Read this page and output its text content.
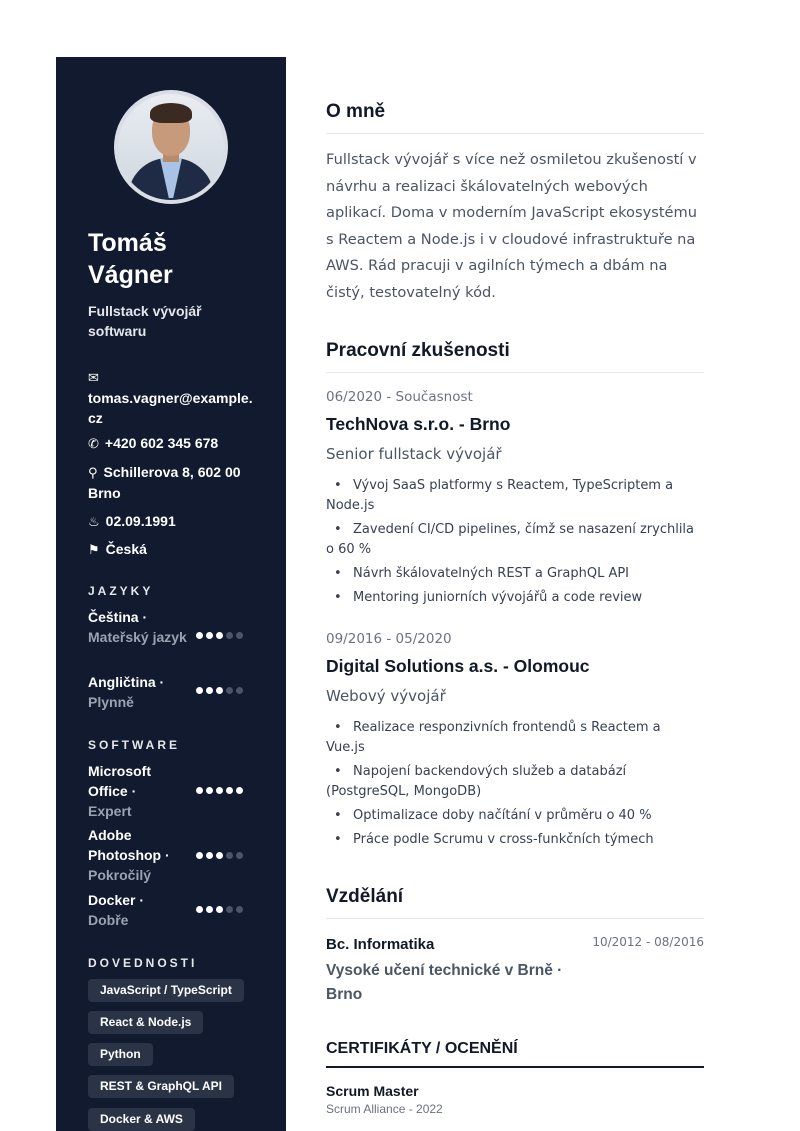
Tomáš Vágner
Fullstack vývojář softwaru
✉
tomas.vagner@example.cz
✆ +420 602 345 678
⚲ Schillerova 8, 602 00 Brno
♨ 02.09.1991
⚑ Česká
JAZYKY
Čeština ·
Mateřský jazyk
Angličtina ·
Plynně
SOFTWARE
Microsoft Office ·
Expert
Adobe Photoshop ·
Pokročilý
Docker ·
Dobře
DOVEDNOSTI
JavaScript / TypeScript
React & Node.js
Python
REST & GraphQL API
Docker & AWS
O mně

Fullstack vývojář s více než osmiletou zkušeností v návrhu a realizaci škálovatelných webových aplikací. Doma v moderním JavaScript ekosystému s Reactem a Node.js i v cloudové infrastruktuře na AWS. Rád pracuji v agilních týmech a dbám na čistý, testovatelný kód.

Pracovní zkušenosti
06/2020 - Současnost
TechNova s.r.o. - Brno
Senior fullstack vývojář
• Vývoj SaaS platformy s Reactem, TypeScriptem a Node.js
• Zavedení CI/CD pipelines, čímž se nasazení zrychlila o 60 %
• Návrh škálovatelných REST a GraphQL API
• Mentoring juniorních vývojářů a code review
09/2016 - 05/2020
Digital Solutions a.s. - Olomouc
Webový vývojář
• Realizace responzivních frontendů s Reactem a Vue.js
• Napojení backendových služeb a databází (PostgreSQL, MongoDB)
• Optimalizace doby načítání v průměru o 40 %
• Práce podle Scrumu v cross-funkčních týmech
Vzdělání
Bc. Informatika	10/2012 - 08/2016
Vysoké učení technické v Brně · Brno
CERTIFIKÁTY / OCENĚNÍ
Scrum Master
Scrum Alliance - 2022
